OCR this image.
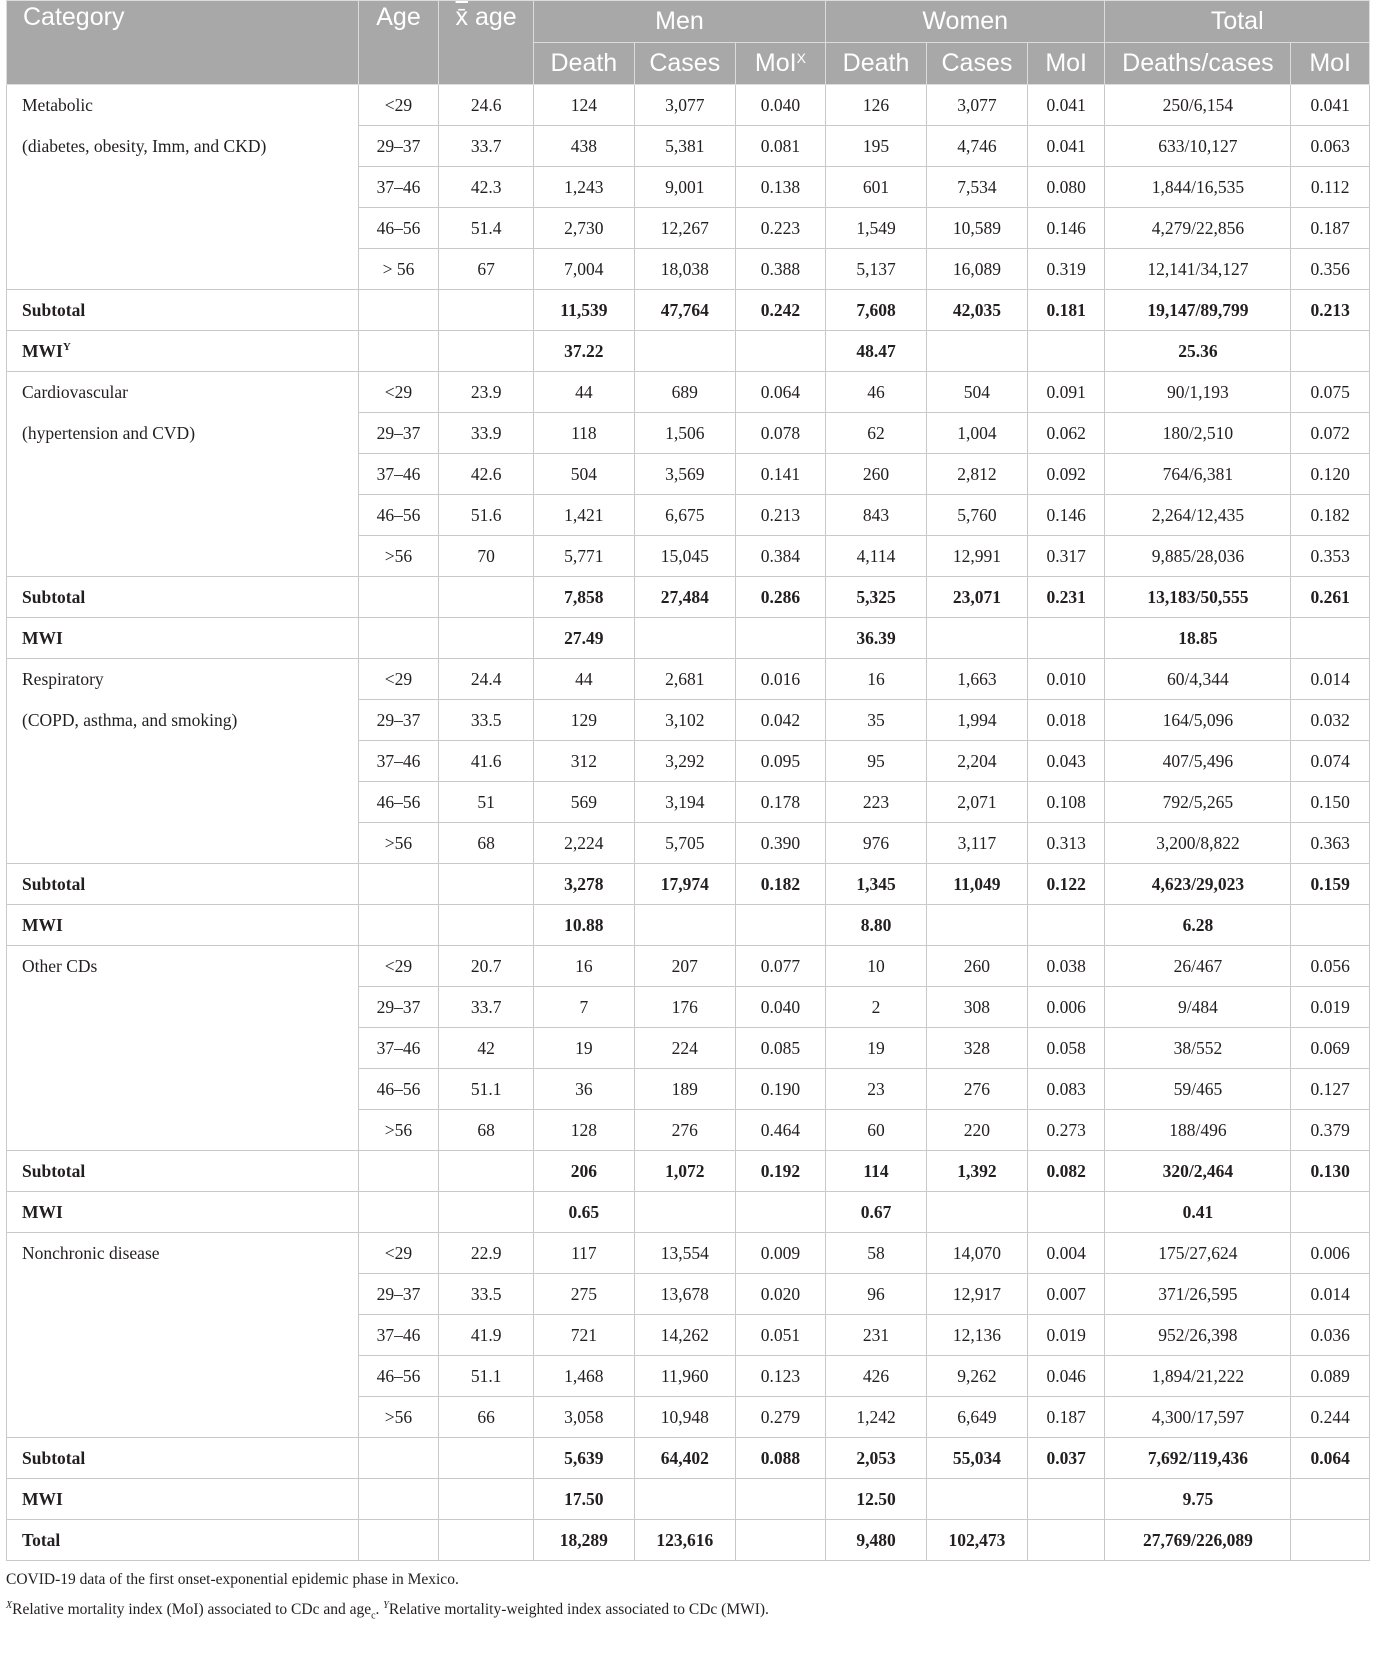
Category	Age	x̄ age	Men			Women			Total	
			Death	Cases	MoI$^X$	Death	Cases	MoI	Deaths/cases	MoI
Metabolic	<29	24.6	124	3,077	0.040	126	3,077	0.041	250/6,154	0.041
(diabetes, obesity, Imm, and CKD)	29–37	33.7	438	5,381	0.081	195	4,746	0.041	633/10,127	0.063
	37–46	42.3	1,243	9,001	0.138	601	7,534	0.080	1,844/16,535	0.112
	46–56	51.4	2,730	12,267	0.223	1,549	10,589	0.146	4,279/22,856	0.187
	> 56	67	7,004	18,038	0.388	5,137	16,089	0.319	12,141/34,127	0.356
Subtotal			11,539	47,764	0.242	7,608	42,035	0.181	19,147/89,799	0.213
$MWI^Y$			37.22			48.47			25.36	
Cardiovascular	<29	23.9	44	689	0.064	46	504	0.091	90/1,193	0.075
(hypertension and CVD)	29–37	33.9	118	1,506	0.078	62	1,004	0.062	180/2,510	0.072
	37–46	42.6	504	3,569	0.141	260	2,812	0.092	764/6,381	0.120
	46–56	51.6	1,421	6,675	0.213	843	5,760	0.146	2,264/12,435	0.182
	>56	70	5,771	15,045	0.384	4,114	12,991	0.317	9,885/28,036	0.353
Subtotal			7,858	27,484	0.286	5,325	23,071	0.231	13,183/50,555	0.261
MWI			27.49			36.39			18.85	
Respiratory	<29	24.4	44	2,681	0.016	16	1,663	0.010	60/4,344	0.014
(COPD, asthma, and smoking)	29–37	33.5	129	3,102	0.042	35	1,994	0.018	164/5,096	0.032
	37–46	41.6	312	3,292	0.095	95	2,204	0.043	407/5,496	0.074
	46–56	51	569	3,194	0.178	223	2,071	0.108	792/5,265	0.150
	>56	68	2,224	5,705	0.390	976	3,117	0.313	3,200/8,822	0.363
Subtotal			3,278	17,974	0.182	1,345	11,049	0.122	4,623/29,023	0.159
MWI			10.88			8.80			6.28	
Other CDs	<29	20.7	16	207	0.077	10	260	0.038	26/467	0.056
	29–37	33.7	7	176	0.040	2	308	0.006	9/484	0.019
	37–46	42	19	224	0.085	19	328	0.058	38/552	0.069
	46–56	51.1	36	189	0.190	23	276	0.083	59/465	0.127
	>56	68	128	276	0.464	60	220	0.273	188/496	0.379
Subtotal			206	1,072	0.192	114	1,392	0.082	320/2,464	0.130
MWI			0.65			0.67			0.41	
Nonchronic disease	<29	22.9	117	13,554	0.009	58	14,070	0.004	175/27,624	0.006
	29–37	33.5	275	13,678	0.020	96	12,917	0.007	371/26,595	0.014
	37–46	41.9	721	14,262	0.051	231	12,136	0.019	952/26,398	0.036
	46–56	51.1	1,468	11,960	0.123	426	9,262	0.046	1,894/21,222	0.089
	>56	66	3,058	10,948	0.279	1,242	6,649	0.187	4,300/17,597	0.244
Subtotal			5,639	64,402	0.088	2,053	55,034	0.037	7,692/119,436	0.064
MWI			17.50			12.50			9.75	
Total			18,289	123,616		9,480	102,473		27,769/226,089	
COVID-19 data of the first onset-exponential epidemic phase in Mexico.
$^X$Relative mortality index (MoI) associated to CDc and age$_c$. $^Y$Relative mortality-weighted index associated to CDc (MWI).
